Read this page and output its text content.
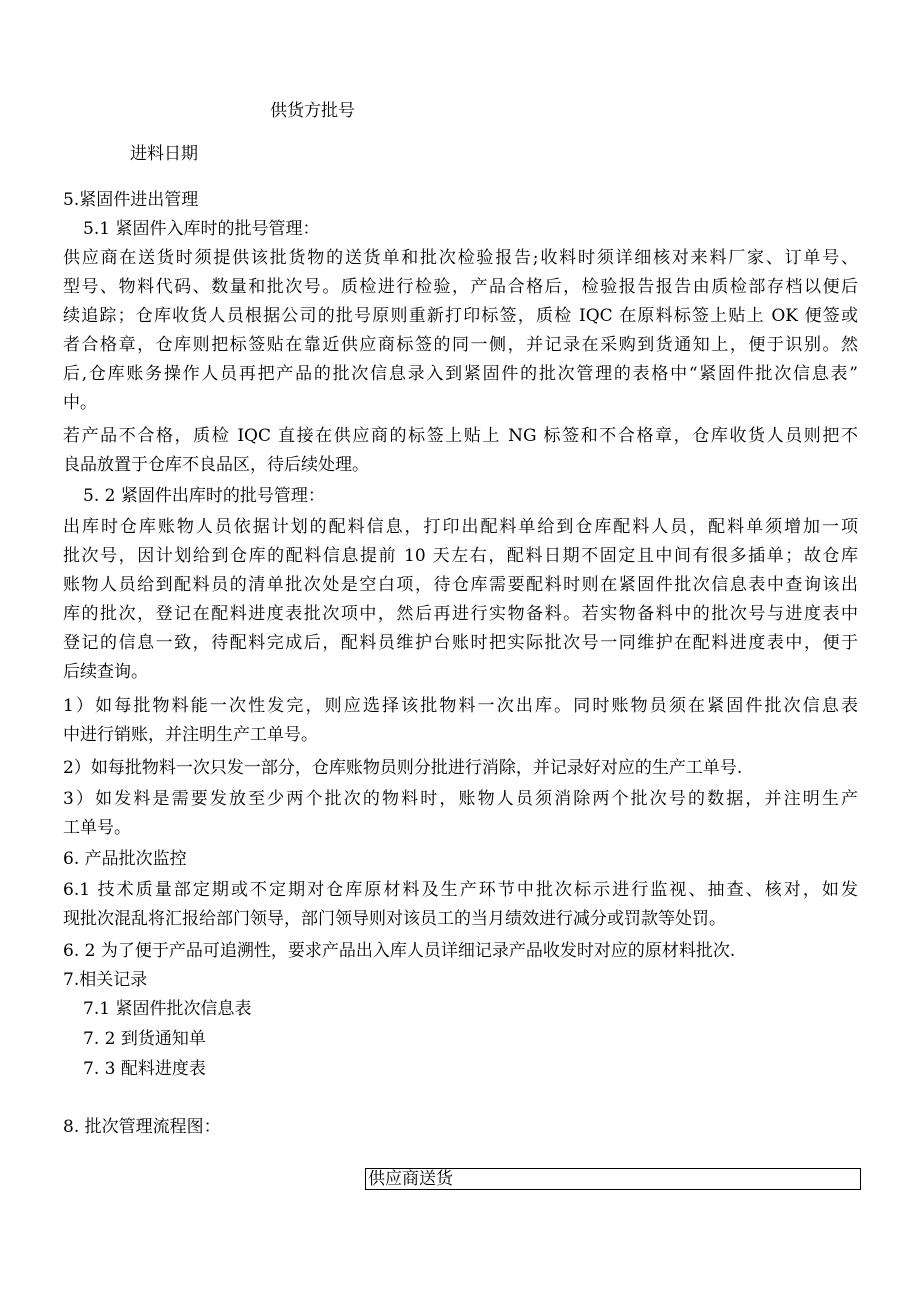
供货方批号
进料日期
5.紧固件进出管理
5.1 紧固件入库时的批号管理：
供应商在送货时须提供该批货物的送货单和批次检验报告;收料时须详细核对来料厂家、订单号、
型号、物料代码、数量和批次号。质检进行检验，产品合格后，检验报告报告由质检部存档以便后
续追踪；仓库收货人员根据公司的批号原则重新打印标签，质检 IQC 在原料标签上贴上 OK 便签或
者合格章，仓库则把标签贴在靠近供应商标签的同一侧，并记录在采购到货通知上，便于识别。然
后,仓库账务操作人员再把产品的批次信息录入到紧固件的批次管理的表格中“紧固件批次信息表”
中。
若产品不合格，质检 IQC 直接在供应商的标签上贴上 NG 标签和不合格章，仓库收货人员则把不
良品放置于仓库不良品区，待后续处理。
5. 2 紧固件出库时的批号管理：
出库时仓库账物人员依据计划的配料信息，打印出配料单给到仓库配料人员，配料单须增加一项
批次号，因计划给到仓库的配料信息提前 10 天左右，配料日期不固定且中间有很多插单；故仓库
账物人员给到配料员的清单批次处是空白项，待仓库需要配料时则在紧固件批次信息表中查询该出
库的批次，登记在配料进度表批次项中，然后再进行实物备料。若实物备料中的批次号与进度表中
登记的信息一致，待配料完成后，配料员维护台账时把实际批次号一同维护在配料进度表中，便于
后续查询。
1）如每批物料能一次性发完，则应选择该批物料一次出库。同时账物员须在紧固件批次信息表
中进行销账，并注明生产工单号。
2）如每批物料一次只发一部分，仓库账物员则分批进行消除，并记录好对应的生产工单号.
3）如发料是需要发放至少两个批次的物料时，账物人员须消除两个批次号的数据，并注明生产
工单号。
6. 产品批次监控
6.1 技术质量部定期或不定期对仓库原材料及生产环节中批次标示进行监视、抽查、核对，如发
现批次混乱将汇报给部门领导，部门领导则对该员工的当月绩效进行减分或罚款等处罚。
6. 2 为了便于产品可追溯性，要求产品出入库人员详细记录产品收发时对应的原材料批次.
7.相关记录
7.1 紧固件批次信息表
7. 2 到货通知单
7. 3 配料进度表
8. 批次管理流程图：
供应商送货
